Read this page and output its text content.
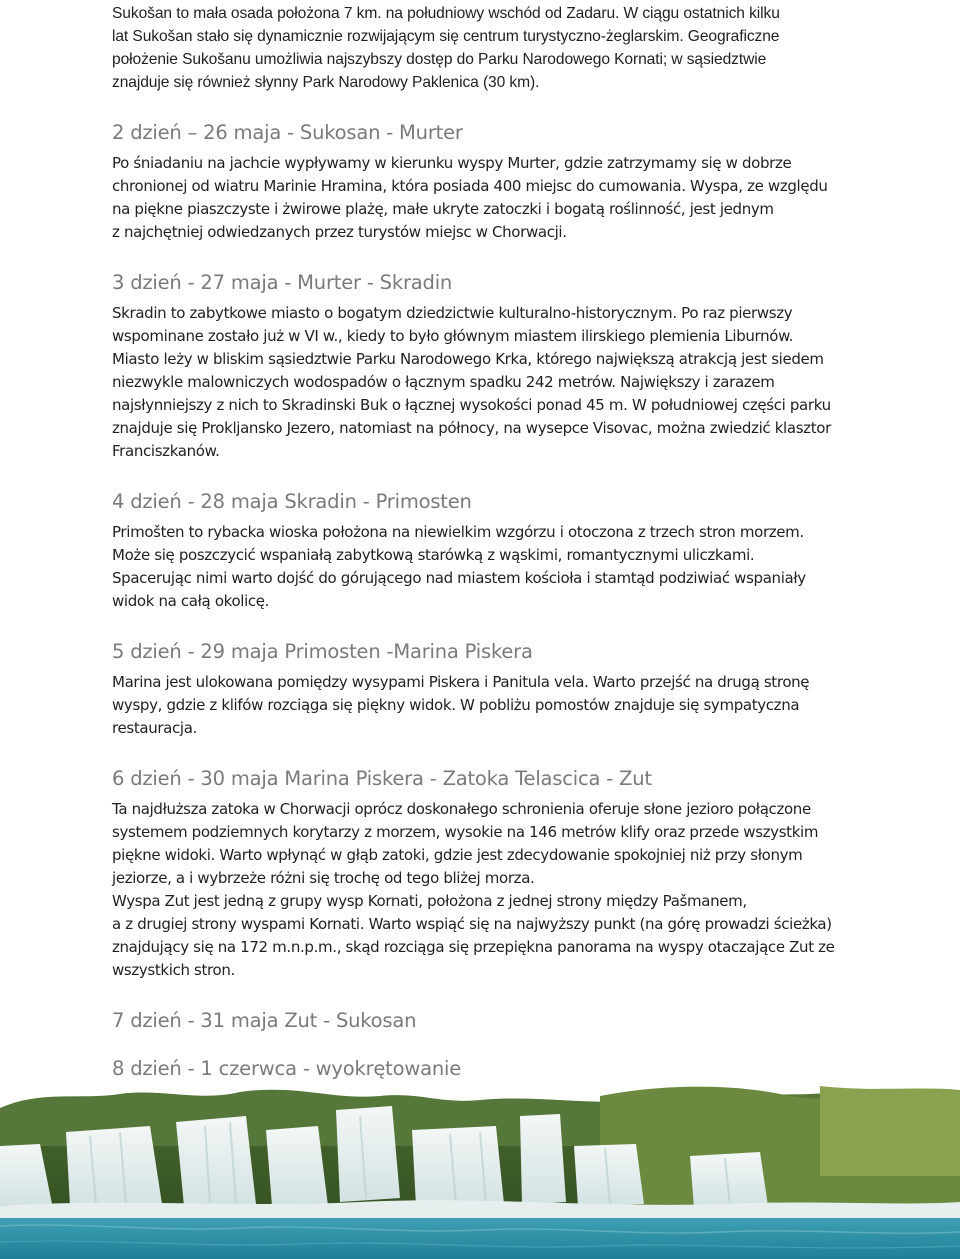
Sukošan to mała osada położona 7 km. na południowy wschód od Zadaru. W ciągu ostatnich kilku
lat Sukošan stało się dynamicznie rozwijającym się centrum turystyczno-żeglarskim. Geograficzne
położenie Sukošanu umożliwia najszybszy dostęp do Parku Narodowego Kornati; w sąsiedztwie
znajduje się również słynny Park Narodowy Paklenica (30 km).

2 dzień – 26 maja - Sukosan - Murter

Po śniadaniu na jachcie wypływamy w kierunku wyspy Murter, gdzie zatrzymamy się w dobrze
chronionej od wiatru Marinie Hramina, która posiada 400 miejsc do cumowania. Wyspa, ze względu
na piękne piaszczyste i żwirowe plażę, małe ukryte zatoczki i bogatą roślinność, jest jednym
z najchętniej odwiedzanych przez turystów miejsc w Chorwacji.

3 dzień - 27 maja - Murter - Skradin

Skradin to zabytkowe miasto o bogatym dziedzictwie kulturalno-historycznym. Po raz pierwszy
wspominane zostało już w VI w., kiedy to było głównym miastem ilirskiego plemienia Liburnów.
Miasto leży w bliskim sąsiedztwie Parku Narodowego Krka, którego największą atrakcją jest siedem
niezwykle malowniczych wodospadów o łącznym spadku 242 metrów. Największy i zarazem
najsłynniejszy z nich to Skradinski Buk o łącznej wysokości ponad 45 m. W południowej części parku
znajduje się Prokljansko Jezero, natomiast na północy, na wysepce Visovac, można zwiedzić klasztor
Franciszkanów.

4 dzień - 28 maja Skradin - Primosten

Primošten to rybacka wioska położona na niewielkim wzgórzu i otoczona z trzech stron morzem.
Może się poszczycić wspaniałą zabytkową starówką z wąskimi, romantycznymi uliczkami.
Spacerując nimi warto dojść do górującego nad miastem kościoła i stamtąd podziwiać wspaniały
widok na całą okolicę.

5 dzień - 29 maja Primosten -Marina Piskera

Marina jest ulokowana pomiędzy wysypami Piskera i Panitula vela. Warto przejść na drugą stronę
wyspy, gdzie z klifów rozciąga się piękny widok. W pobliżu pomostów znajduje się sympatyczna
restauracja.

6 dzień - 30 maja Marina Piskera - Zatoka Telascica - Zut

Ta najdłuższa zatoka w Chorwacji oprócz doskonałego schronienia oferuje słone jezioro połączone
systemem podziemnych korytarzy z morzem, wysokie na 146 metrów klify oraz przede wszystkim
piękne widoki. Warto wpłynąć w głąb zatoki, gdzie jest zdecydowanie spokojniej niż przy słonym
jeziorze, a i wybrzeże różni się trochę od tego bliżej morza.
Wyspa Zut jest jedną z grupy wysp Kornati, położona z jednej strony między Pašmanem,
a z drugiej strony wyspami Kornati. Warto wspiąć się na najwyższy punkt (na górę prowadzi ścieżka)
znajdujący się na 172 m.n.p.m., skąd rozciąga się przepiękna panorama na wyspy otaczające Zut ze
wszystkich stron.

7 dzień - 31 maja Zut - Sukosan
8 dzień - 1 czerwca - wyokrętowanie
